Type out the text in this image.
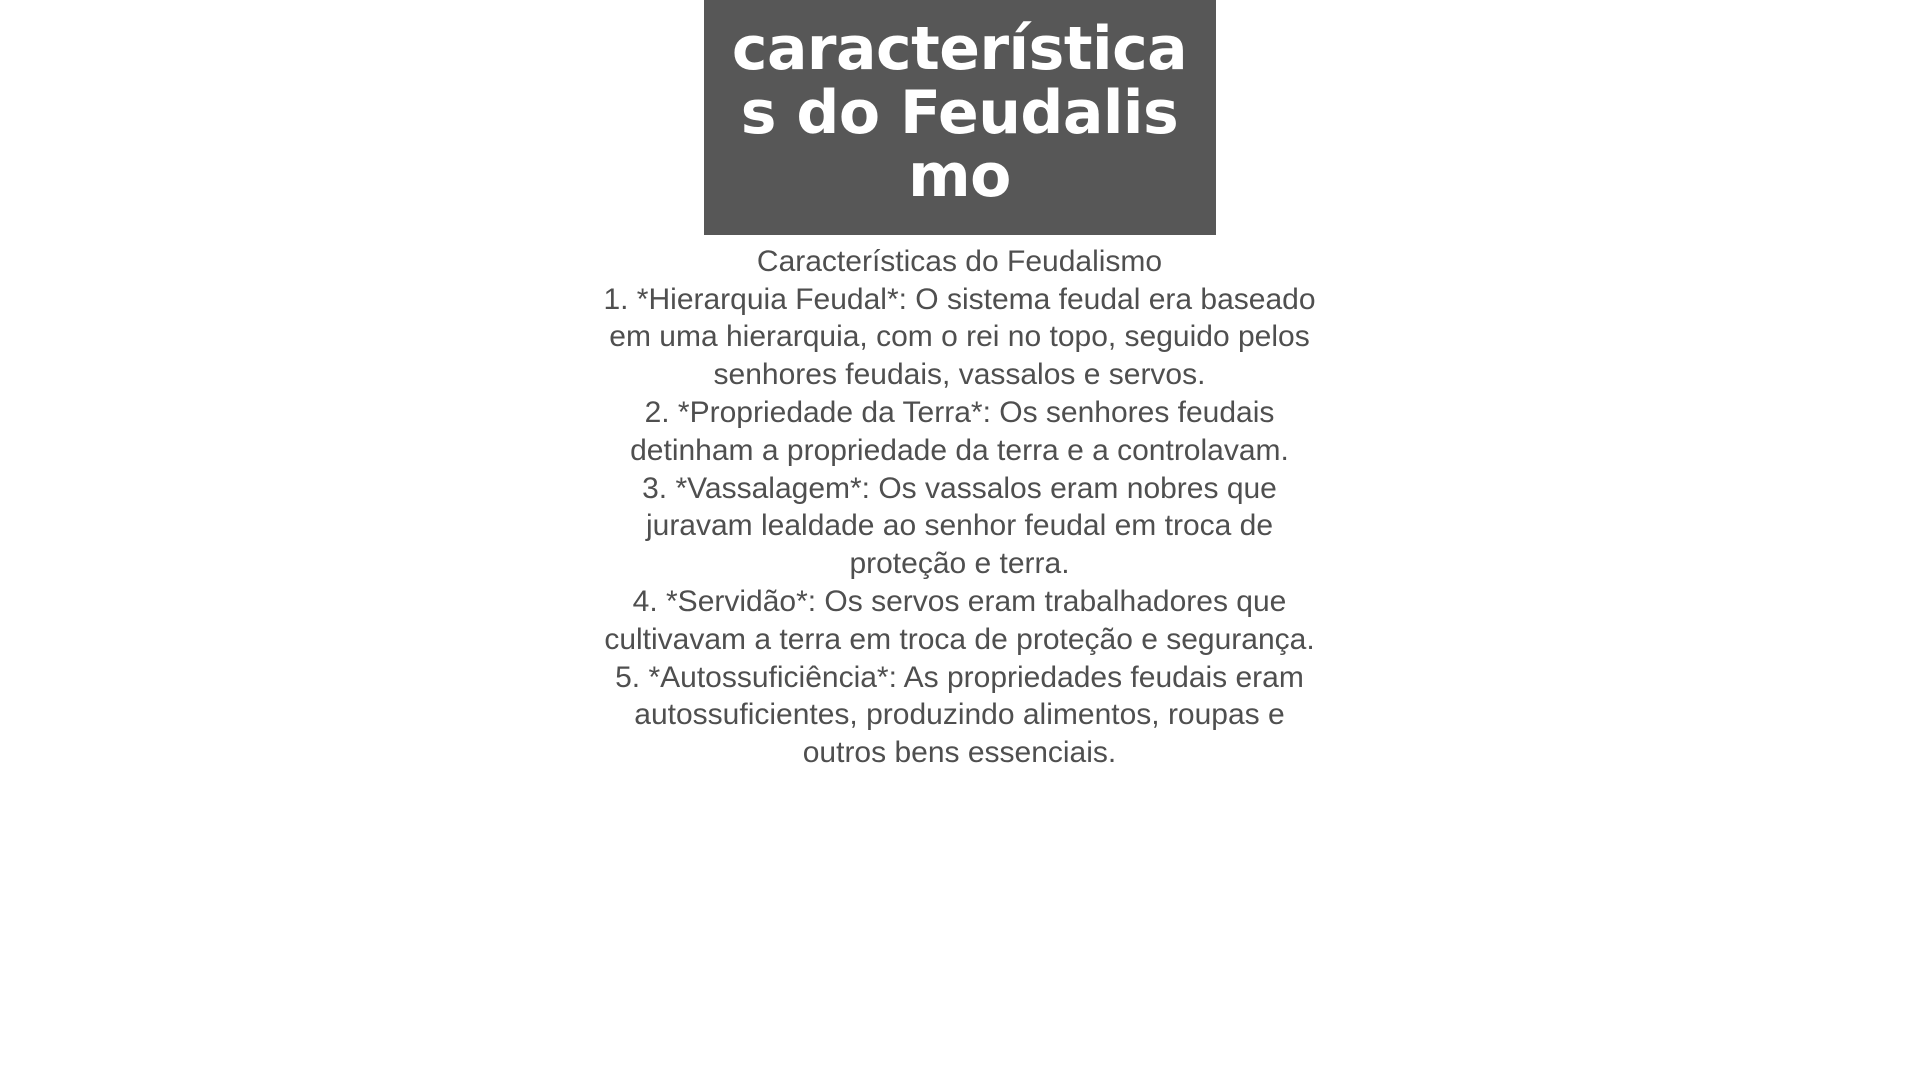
características do Feudalismo

Características do Feudalismo

1. *Hierarquia Feudal*: O sistema feudal era baseado em uma hierarquia, com o rei no topo, seguido pelos senhores feudais, vassalos e servos.
2. *Propriedade da Terra*: Os senhores feudais detinham a propriedade da terra e a controlavam.
3. *Vassalagem*: Os vassalos eram nobres que juravam lealdade ao senhor feudal em troca de proteção e terra.
4. *Servidão*: Os servos eram trabalhadores que cultivavam a terra em troca de proteção e segurança.
5. *Autossuficiência*: As propriedades feudais eram autossuficientes, produzindo alimentos, roupas e outros bens essenciais.
